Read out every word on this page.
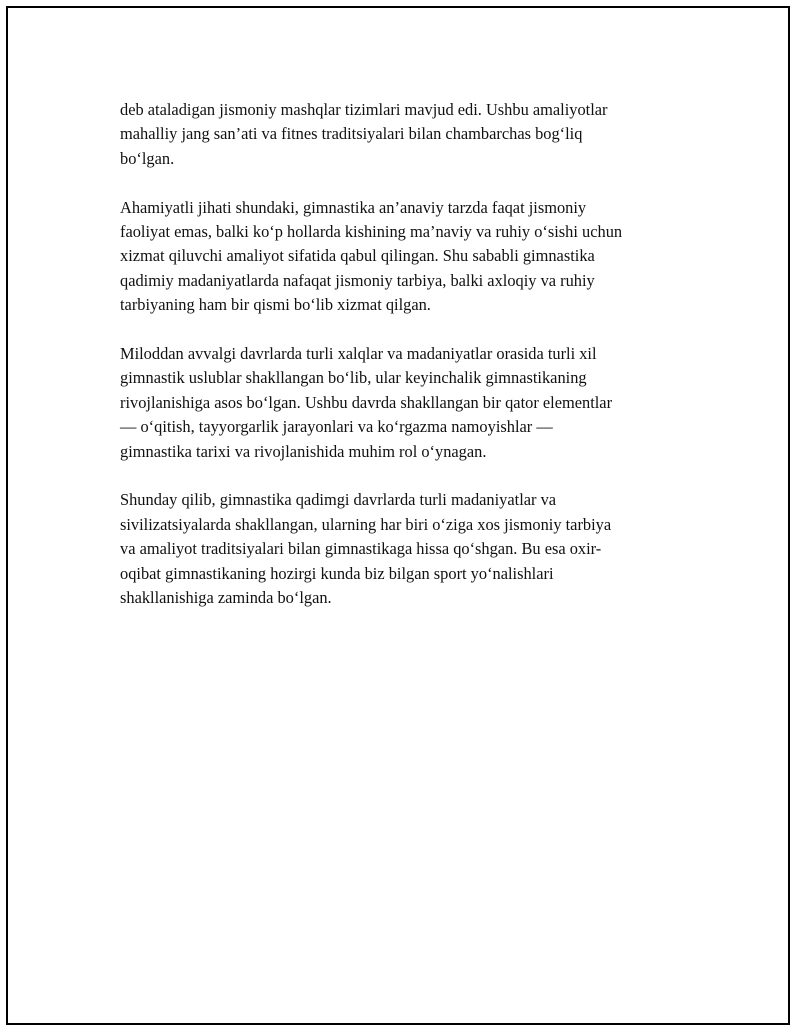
deb ataladigan jismoniy mashqlar tizimlari mavjud edi. Ushbu amaliyotlar
mahalliy jang san’ati va fitnes traditsiyalari bilan chambarchas bog‘liq
bo‘lgan.

Ahamiyatli jihati shundaki, gimnastika an’anaviy tarzda faqat jismoniy
faoliyat emas, balki ko‘p hollarda kishining ma’naviy va ruhiy o‘sishi uchun
xizmat qiluvchi amaliyot sifatida qabul qilingan. Shu sababli gimnastika
qadimiy madaniyatlarda nafaqat jismoniy tarbiya, balki axloqiy va ruhiy
tarbiyaning ham bir qismi bo‘lib xizmat qilgan.

Miloddan avvalgi davrlarda turli xalqlar va madaniyatlar orasida turli xil
gimnastik uslublar shakllangan bo‘lib, ular keyinchalik gimnastikaning
rivojlanishiga asos bo‘lgan. Ushbu davrda shakllangan bir qator elementlar
— o‘qitish, tayyorgarlik jarayonlari va ko‘rgazma namoyishlar —
gimnastika tarixi va rivojlanishida muhim rol o‘ynagan.

Shunday qilib, gimnastika qadimgi davrlarda turli madaniyatlar va
sivilizatsiyalarda shakllangan, ularning har biri o‘ziga xos jismoniy tarbiya
va amaliyot traditsiyalari bilan gimnastikaga hissa qo‘shgan. Bu esa oxir-
oqibat gimnastikaning hozirgi kunda biz bilgan sport yo‘nalishlari
shakllanishiga zaminda bo‘lgan.
